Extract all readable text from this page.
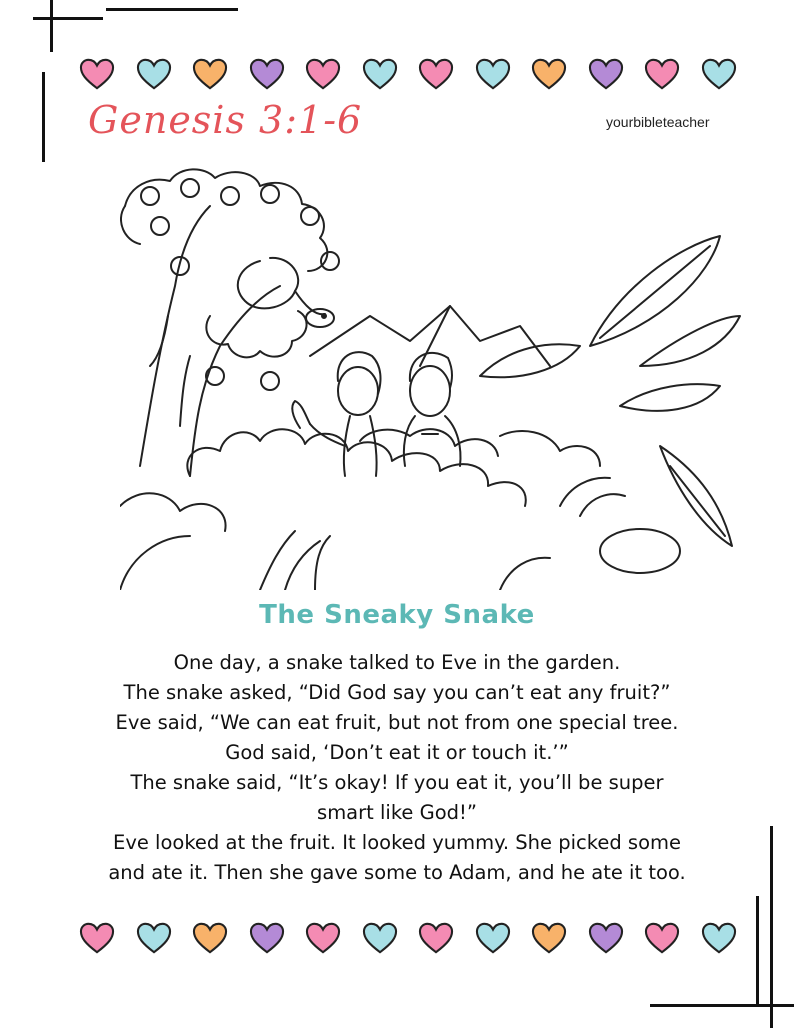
Genesis 3:1-6	yourbibleteacher
The Sneaky Snake
One day, a snake talked to Eve in the garden.
The snake asked, “Did God say you can’t eat any fruit?”
Eve said, “We can eat fruit, but not from one special tree.
God said, ‘Don’t eat it or touch it.’”
The snake said, “It’s okay! If you eat it, you’ll be super
smart like God!”
Eve looked at the fruit. It looked yummy. She picked some
and ate it. Then she gave some to Adam, and he ate it too.
